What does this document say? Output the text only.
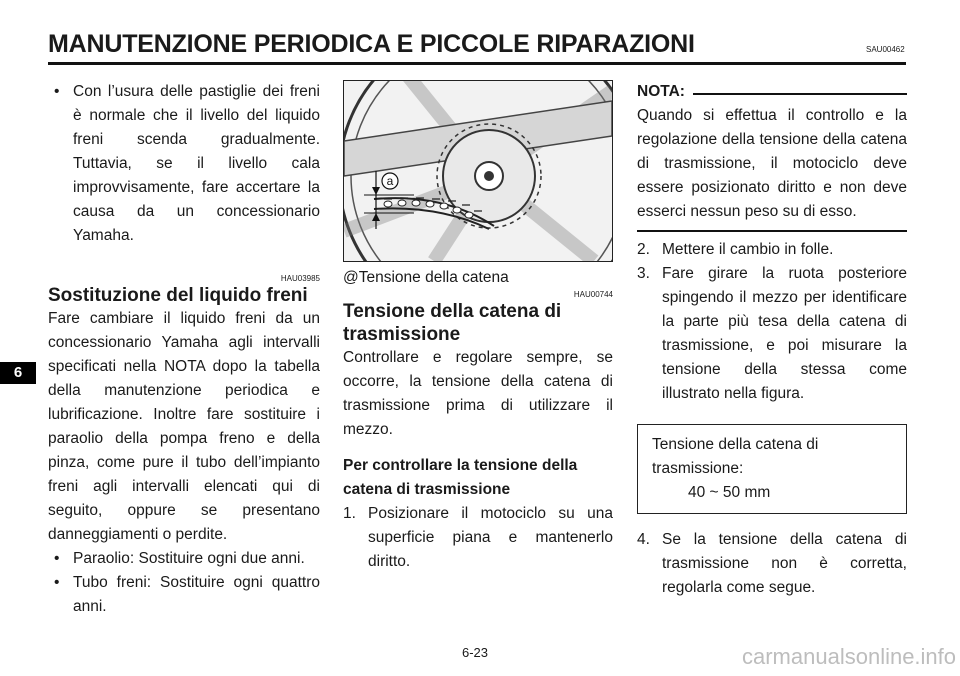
MANUTENZIONE PERIODICA E PICCOLE RIPARAZIONI	SAU00462
6
• Con l’usura delle pastiglie dei freni è normale che il livello del liquido freni scenda gradualmente. Tuttavia, se il livello cala improvvisamente, fare accertare la causa da un concessionario Yamaha.
HAU03985
Sostituzione del liquido freni

Fare cambiare il liquido freni da un concessionario Yamaha agli intervalli specificati nella NOTA dopo la tabella della manutenzione periodica e lubrificazione. Inoltre fare sostituire i paraolio della pompa freno e della pinza, come pure il tubo dell’impianto freni agli intervalli elencati qui di seguito, oppure se presentano danneggiamenti o perdite.

• Paraolio: Sostituire ogni due anni.
• Tubo freni: Sostituire ogni quattro anni.
a
@Tensione della catena
HAU00744
Tensione della catena di trasmissione

Controllare e regolare sempre, se occorre, la tensione della catena di trasmissione prima di utilizzare il mezzo.

Per controllare la tensione della catena di trasmissione
1. Posizionare il motociclo su una superficie piana e mantenerlo diritto.
NOTA:

Quando si effettua il controllo e la regolazione della tensione della catena di trasmissione, il motociclo deve essere posizionato diritto e non deve esserci nessun peso su di esso.

2. Mettere il cambio in folle.
3. Fare girare la ruota posteriore spingendo il mezzo per identificare la parte più tesa della catena di trasmissione, e poi misurare la tensione della stessa come illustrato nella figura.
Tensione della catena di trasmissione:
40 ~ 50 mm
4. Se la tensione della catena di trasmissione non è corretta, regolarla come segue.
6-23	carmanualsonline.info
